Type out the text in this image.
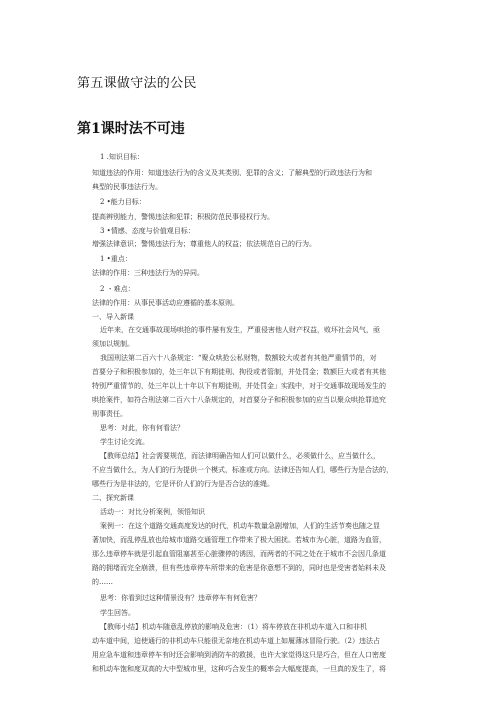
第五课做守法的公民
第1课时法不可违
1 .知识目标：
知道违法的作用：知道违法行为的含义及其类别、犯罪的含义；了解典型的行政违法行为和
典型的民事违法行为。
2 •能力目标：
提高辨别能力，警惕违法和犯罪；积极防范民事侵权行为。
3 •情感、态度与价值观目标：
增强法律意识；警惕违法行为；尊重他人的权益；依法规范自己的行为。
1 •重点：
法律的作用：三种违法行为的异同。
2 ・难点：
法律的作用：从事民事活动应遵循的基本原则。
一、导入新课
近年来，在交通事故现场哄抢的事件屡有发生，严重侵害他人财产权益，败坏社会风气，亟
须加以规制。
我国刑法第二百六十八条规定：“聚众哄抢公私财物，数额较大或者有其他严重情节的，对
首要分子和积极参加的，处三年以下有期徒刑、拘役或者管制，并处罚金；数额巨大或者有其他
特别严重情节的，处三年以上十年以下有期徒刑，并处罚金」实践中，对于交通事故现场发生的
哄抢案件，如符合刑法第二百六十八条规定的，对首要分子和积极参加的应当以聚众哄抢罪追究
刑事责任。
思考：对此，你有何看法？
学生讨论交流。
【教师总结】社会需要规范，而法律明确告知人们可以做什么，必须做什么，应当做什么，
不应当做什么，为人们的行为提供一个模式，标准或方向。法律还告知人们，哪些行为是合法的，
哪些行为是非法的，它是评价人们的行为是否合法的准绳。
二、探究新课
活动一：对比分析案例，领悟知识
案例一：在这个道路交通高度发达的时代，机动车数量急剧增加，人们的生活节奏也随之显
著加快，而乱停乱放也给城市道路交通管理工作带来了极大困扰。若城市为心脏，道路为血管，
那么违章停车就是引起血管阻塞甚至心脏骤停的诱因，而两者的不同之处在于城市不会因几条道
路的拥堵而完全崩溃，但有些违章停车所带来的危害是你意想不到的，同时也是受害者始料未及
的……
思考：你看到过这种情景没有？违章停车有何危害？
学生回答。
【教师小结】机动车随意乱停放的影响及危害：（1）将车停放在非机动车道入口和非机
动车道中间，迫使通行的非机动车只能很无奈地在机动车道上如履薄冰冒险行驶。（2）违法占
用应急车道和违章停车有时还会影响到消防车的救援，也许大家觉得这只是巧合，但在人口密度
和机动车饱和度双高的大中型城市里，这种巧合发生的概率会大幅度提高，一旦真的发生了，将
